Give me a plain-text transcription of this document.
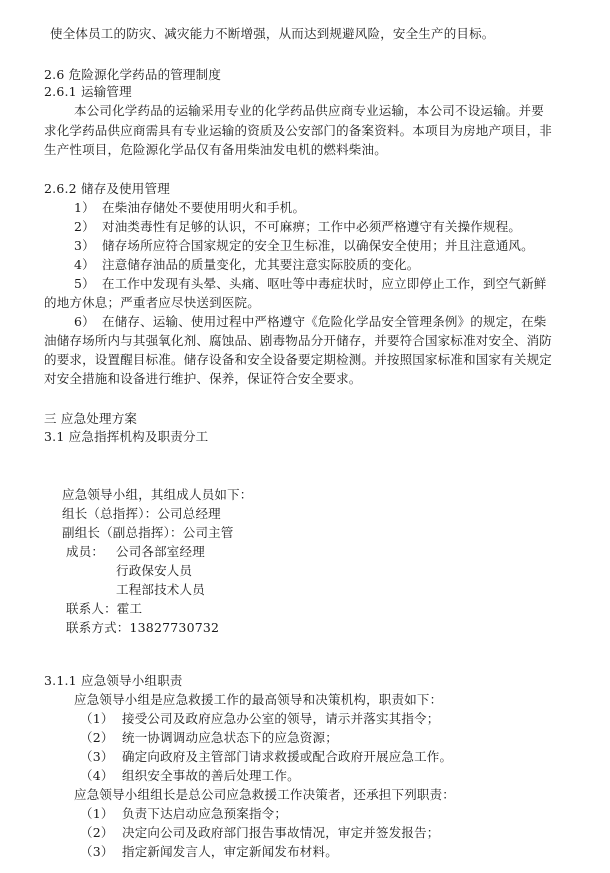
使全体员工的防灾、减灾能力不断增强，从而达到规避风险，安全生产的目标。
2.6 危险源化学药品的管理制度
2.6.1 运输管理
本公司化学药品的运输采用专业的化学药品供应商专业运输，本公司不设运输。并要
求化学药品供应商需具有专业运输的资质及公安部门的备案资料。本项目为房地产项目，非
生产性项目，危险源化学品仅有备用柴油发电机的燃料柴油。
2.6.2 储存及使用管理
1） 在柴油存储处不要使用明火和手机。
2） 对油类毒性有足够的认识，不可麻痹；工作中必须严格遵守有关操作规程。
3） 储存场所应符合国家规定的安全卫生标准，以确保安全使用；并且注意通风。
4） 注意储存油品的质量变化，尤其要注意实际胶质的变化。
5） 在工作中发现有头晕、头痛、呕吐等中毒症状时，应立即停止工作，到空气新鲜
的地方休息；严重者应尽快送到医院。
6） 在储存、运输、使用过程中严格遵守《危险化学品安全管理条例》的规定，在柴
油储存场所内与其强氧化剂、腐蚀品、剧毒物品分开储存，并要符合国家标准对安全、消防
的要求，设置醒目标准。储存设备和安全设备要定期检测。并按照国家标准和国家有关规定
对安全措施和设备进行维护、保养，保证符合安全要求。
三 应急处理方案
3.1 应急指挥机构及职责分工
应急领导小组，其组成人员如下：
组长（总指挥）：公司总经理
副组长（副总指挥）：公司主管
成员： 公司各部室经理
行政保安人员
工程部技术人员
联系人：霍工
联系方式：13827730732
3.1.1 应急领导小组职责
应急领导小组是应急救援工作的最高领导和决策机构，职责如下：
（1） 接受公司及政府应急办公室的领导，请示并落实其指令；
（2） 统一协调调动应急状态下的应急资源；
（3） 确定向政府及主管部门请求救援或配合政府开展应急工作。
（4） 组织安全事故的善后处理工作。
应急领导小组组长是总公司应急救援工作决策者，还承担下列职责：
（1） 负责下达启动应急预案指令；
（2） 决定向公司及政府部门报告事故情况，审定并签发报告；
（3） 指定新闻发言人，审定新闻发布材料。
